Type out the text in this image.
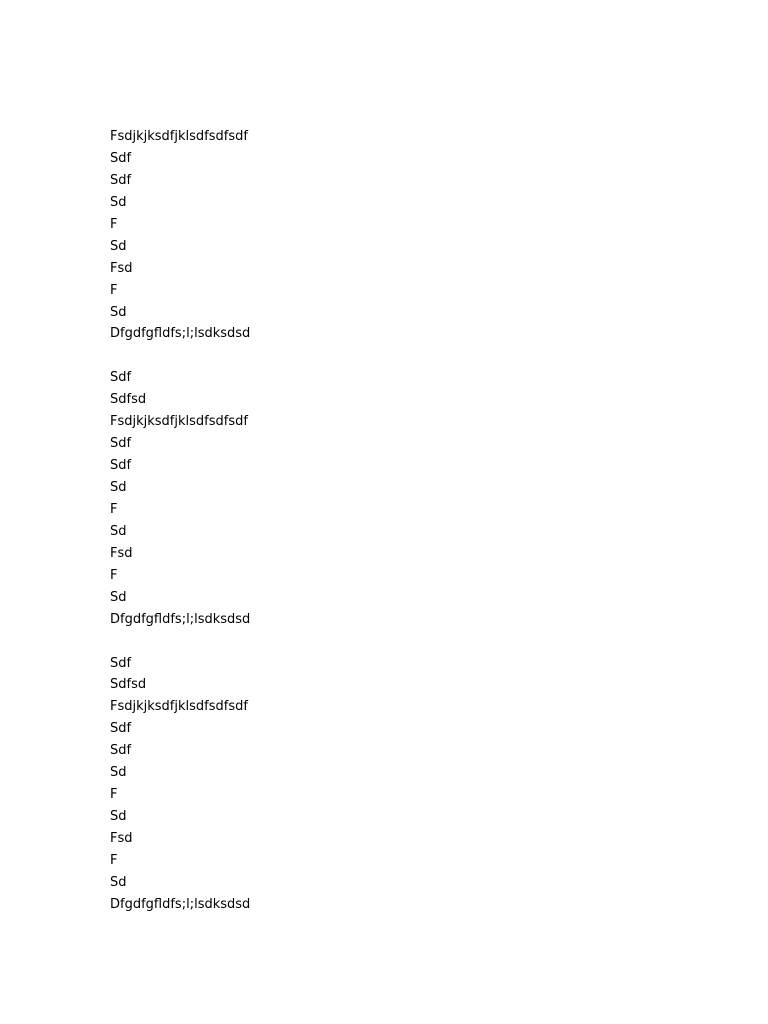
Fsdjkjksdfjklsdfsdfsdf
Sdf
Sdf
Sd
F
Sd
Fsd
F
Sd
Dfgdfgfldfs;l;lsdksdsd
Sdf
Sdfsd
Fsdjkjksdfjklsdfsdfsdf
Sdf
Sdf
Sd
F
Sd
Fsd
F
Sd
Dfgdfgfldfs;l;lsdksdsd
Sdf
Sdfsd
Fsdjkjksdfjklsdfsdfsdf
Sdf
Sdf
Sd
F
Sd
Fsd
F
Sd
Dfgdfgfldfs;l;lsdksdsd
